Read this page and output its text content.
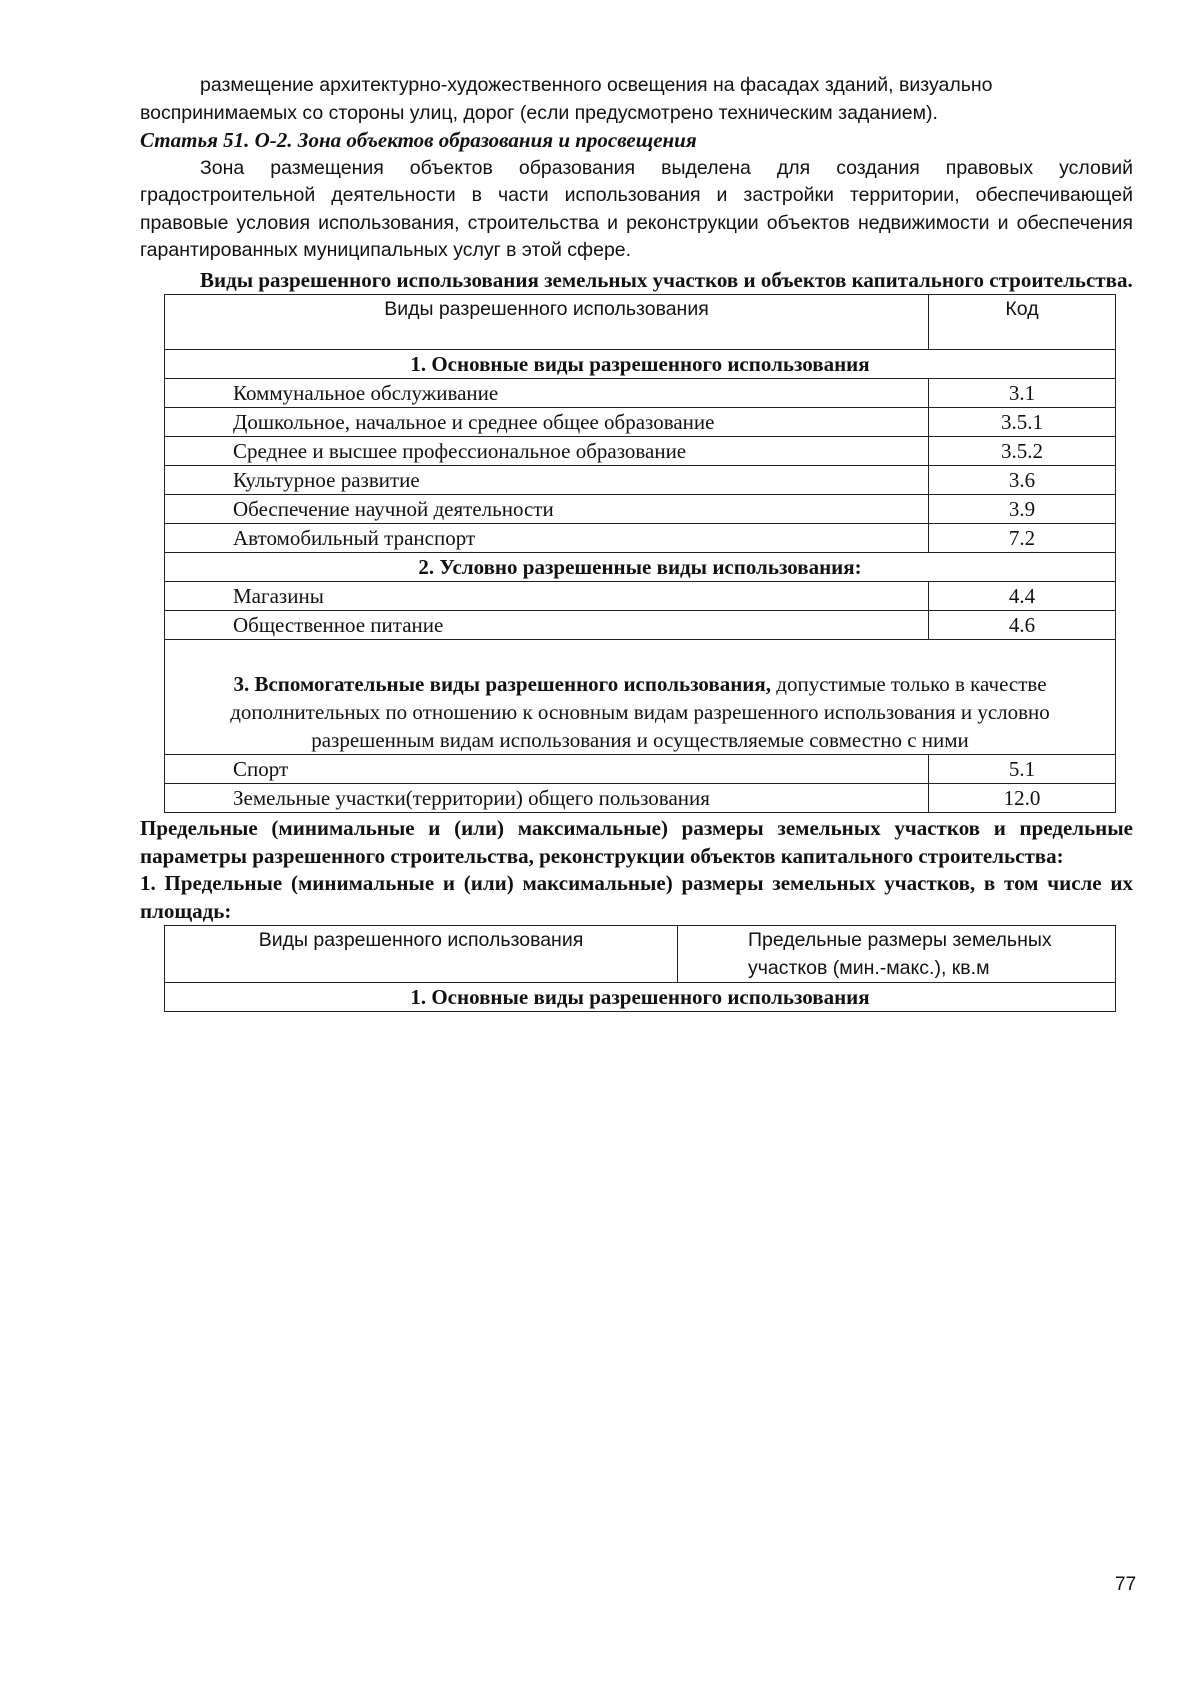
размещение архитектурно-художественного освещения на фасадах зданий, визуально

воспринимаемых со стороны улиц, дорог (если предусмотрено техническим заданием).

Статья 51. О-2. Зона объектов образования и просвещения

Зона размещения объектов образования выделена для создания правовых условий градостроительной деятельности в части использования и застройки территории, обеспечивающей правовые условия использования, строительства и реконструкции объектов недвижимости и обеспечения гарантированных муниципальных услуг в этой сфере.

Виды разрешенного использования земельных участков и объектов капитального строительства.

Виды разрешенного использования	Код
1. Основные виды разрешенного использования	
Коммунальное обслуживание	3.1
Дошкольное, начальное и среднее общее образование	3.5.1
Среднее и высшее профессиональное образование	3.5.2
Культурное развитие	3.6
Обеспечение научной деятельности	3.9
Автомобильный транспорт	7.2
2. Условно разрешенные виды использования:	
Магазины	4.4
Общественное питание	4.6
3. Вспомогательные виды разрешенного использования, допустимые только в качестве дополнительных по отношению к основным видам разрешенного использования и условно разрешенным видам использования и осуществляемые совместно с ними	
Спорт	5.1
Земельные участки(территории) общего пользования	12.0

Предельные (минимальные и (или) максимальные) размеры земельных участков и предельные параметры разрешенного строительства, реконструкции объектов капитального строительства:

1. Предельные (минимальные и (или) максимальные) размеры земельных участков, в том числе их площадь:

Виды разрешенного использования	Предельные размеры земельных участков (мин.-макс.), кв.м
1. Основные виды разрешенного использования
77
